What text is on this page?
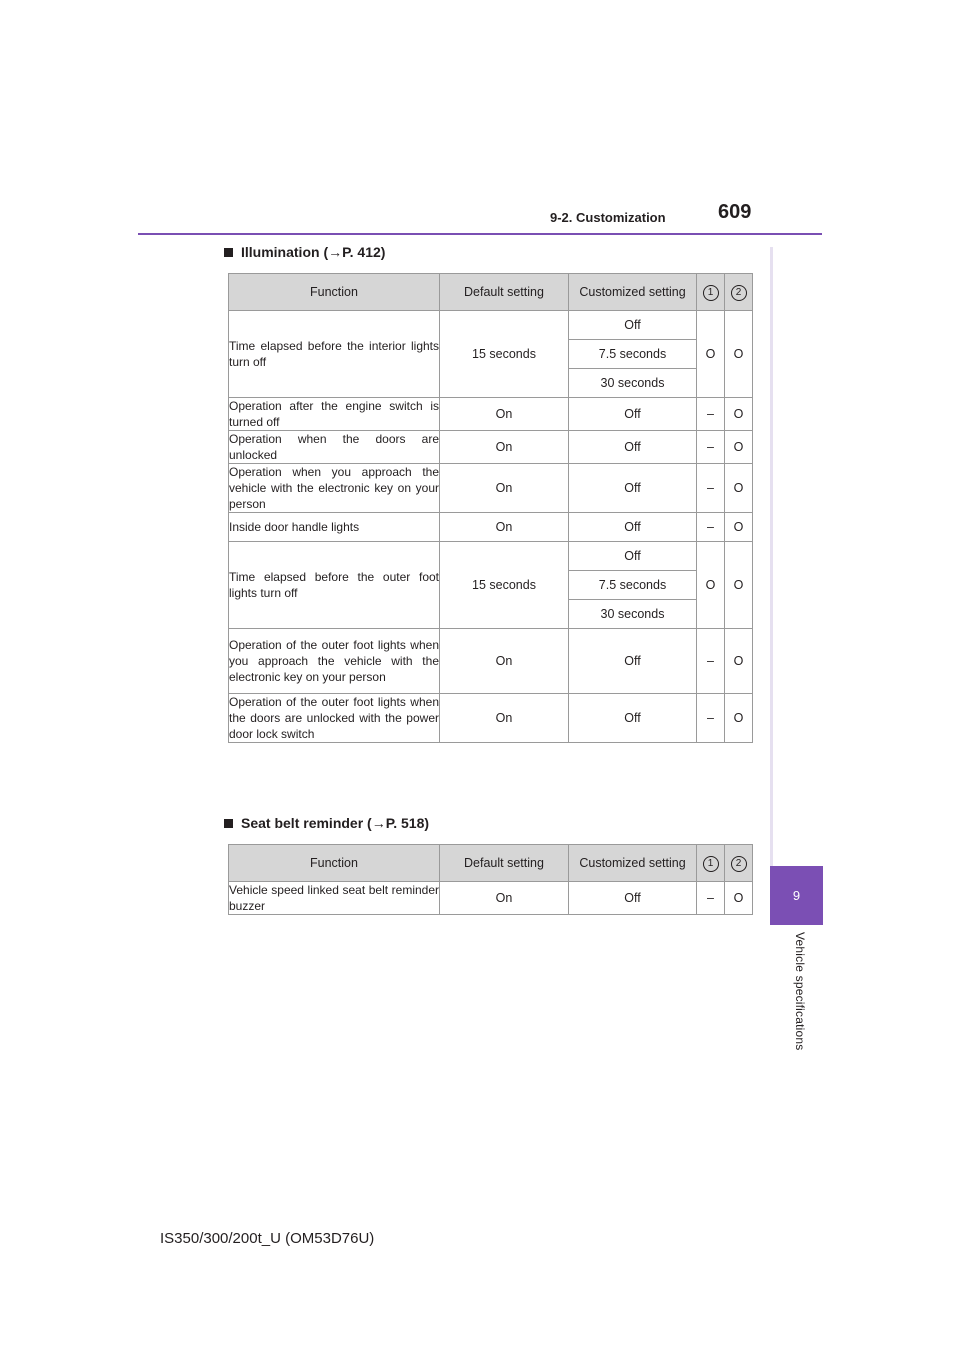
9-2. Customization	609
9
Vehicle specifications
Illumination (→P. 412)
Function	Default setting	Customized setting	1	2
Time elapsed before the interior lights turn off	15 seconds	Off	O	O
		7.5 seconds		
		30 seconds		
Operation after the engine switch is turned off	On	Off	–	O
Operation when the doors are unlocked	On	Off	–	O
Operation when you approach the vehicle with the electronic key on your person	On	Off	–	O
Inside door handle lights	On	Off	–	O
Time elapsed before the outer foot lights turn off	15 seconds	Off	O	O
		7.5 seconds		
		30 seconds		
Operation of the outer foot lights when you approach the vehicle with the electronic key on your person	On	Off	–	O
Operation of the outer foot lights when the doors are unlocked with the power door lock switch	On	Off	–	O
Seat belt reminder (→P. 518)
Function	Default setting	Customized setting	1	2
Vehicle speed linked seat belt reminder buzzer	On	Off	–	O
IS350/300/200t_U (OM53D76U)
